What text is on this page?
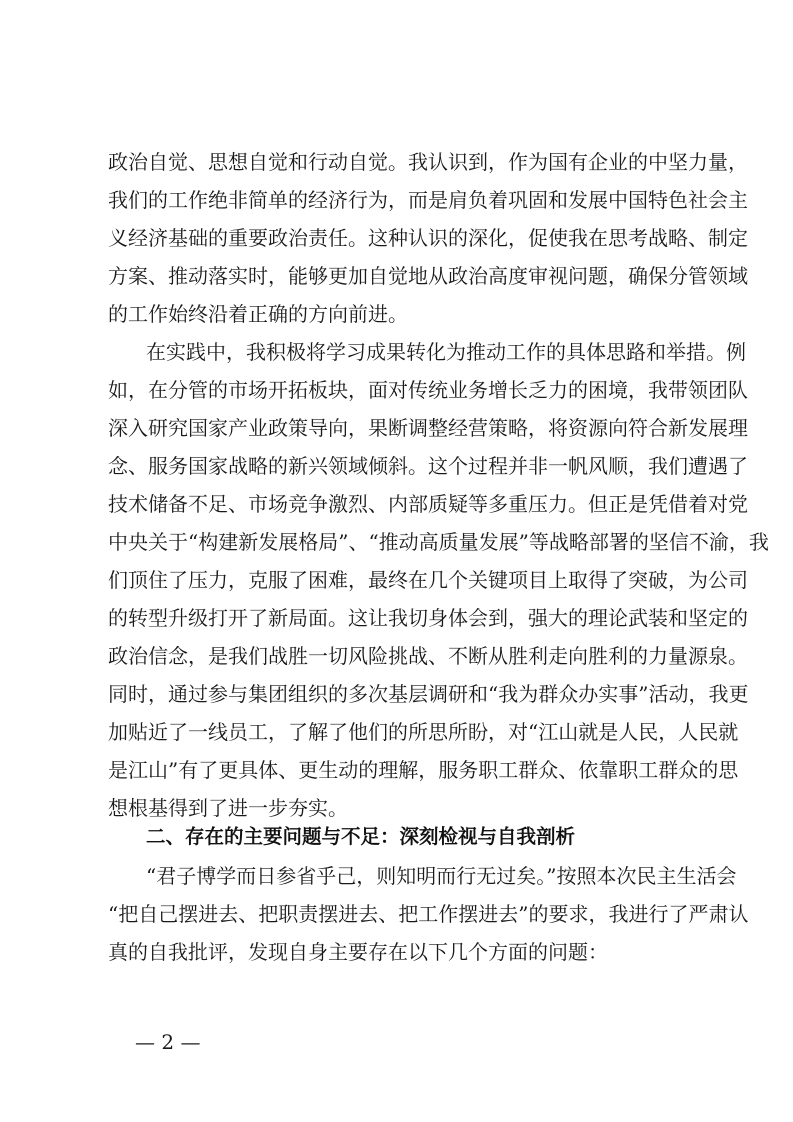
政治自觉、思想自觉和行动自觉。我认识到，作为国有企业的中坚力量，
我们的工作绝非简单的经济行为，而是肩负着巩固和发展中国特色社会主
义经济基础的重要政治责任。这种认识的深化，促使我在思考战略、制定
方案、推动落实时，能够更加自觉地从政治高度审视问题，确保分管领域
的工作始终沿着正确的方向前进。
在实践中，我积极将学习成果转化为推动工作的具体思路和举措。例
如，在分管的市场开拓板块，面对传统业务增长乏力的困境，我带领团队
深入研究国家产业政策导向，果断调整经营策略，将资源向符合新发展理
念、服务国家战略的新兴领域倾斜。这个过程并非一帆风顺，我们遭遇了
技术储备不足、市场竞争激烈、内部质疑等多重压力。但正是凭借着对党
中央关于“构建新发展格局”、“推动高质量发展”等战略部署的坚信不渝，我
们顶住了压力，克服了困难，最终在几个关键项目上取得了突破，为公司
的转型升级打开了新局面。这让我切身体会到，强大的理论武装和坚定的
政治信念，是我们战胜一切风险挑战、不断从胜利走向胜利的力量源泉。
同时，通过参与集团组织的多次基层调研和“我为群众办实事”活动，我更
加贴近了一线员工，了解了他们的所思所盼，对“江山就是人民，人民就
是江山”有了更具体、更生动的理解，服务职工群众、依靠职工群众的思
想根基得到了进一步夯实。
二、存在的主要问题与不足：深刻检视与自我剖析
“君子博学而日参省乎己，则知明而行无过矣。”按照本次民主生活会
“把自己摆进去、把职责摆进去、把工作摆进去”的要求，我进行了严肃认
真的自我批评，发现自身主要存在以下几个方面的问题：
— 2 —
